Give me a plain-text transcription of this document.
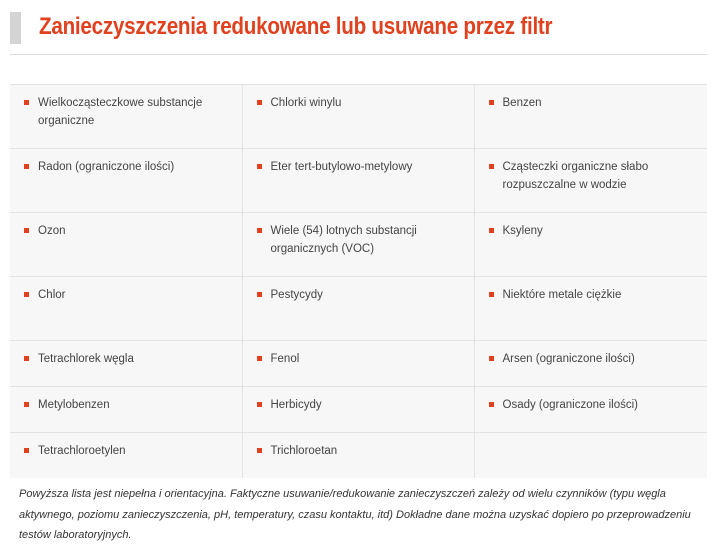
Zanieczyszczenia redukowane lub usuwane przez filtr
Wielkocząsteczkowe substancje organiczne	Chlorki winylu	Benzen

Radon (ograniczone ilości)	Eter tert-butylowo-metylowy	Cząsteczki organiczne słabo rozpuszczalne w wodzie

Ozon	Wiele (54) lotnych substancji organicznych (VOC)	Ksyleny

Chlor	Pestycydy	Niektóre metale ciężkie

Tetrachlorek węgla	Fenol	Arsen (ograniczone ilości)

Metylobenzen	Herbicydy	Osady (ograniczone ilości)

Tetrachloroetylen	Trichloroetan	

Powyższa lista jest niepełna i orientacyjna. Faktyczne usuwanie/redukowanie zanieczyszczeń zależy od wielu czynników (typu węgla aktywnego, poziomu zanieczyszczenia, pH, temperatury, czasu kontaktu, itd) Dokładne dane można uzyskać dopiero po przeprowadzeniu testów laboratoryjnych.
